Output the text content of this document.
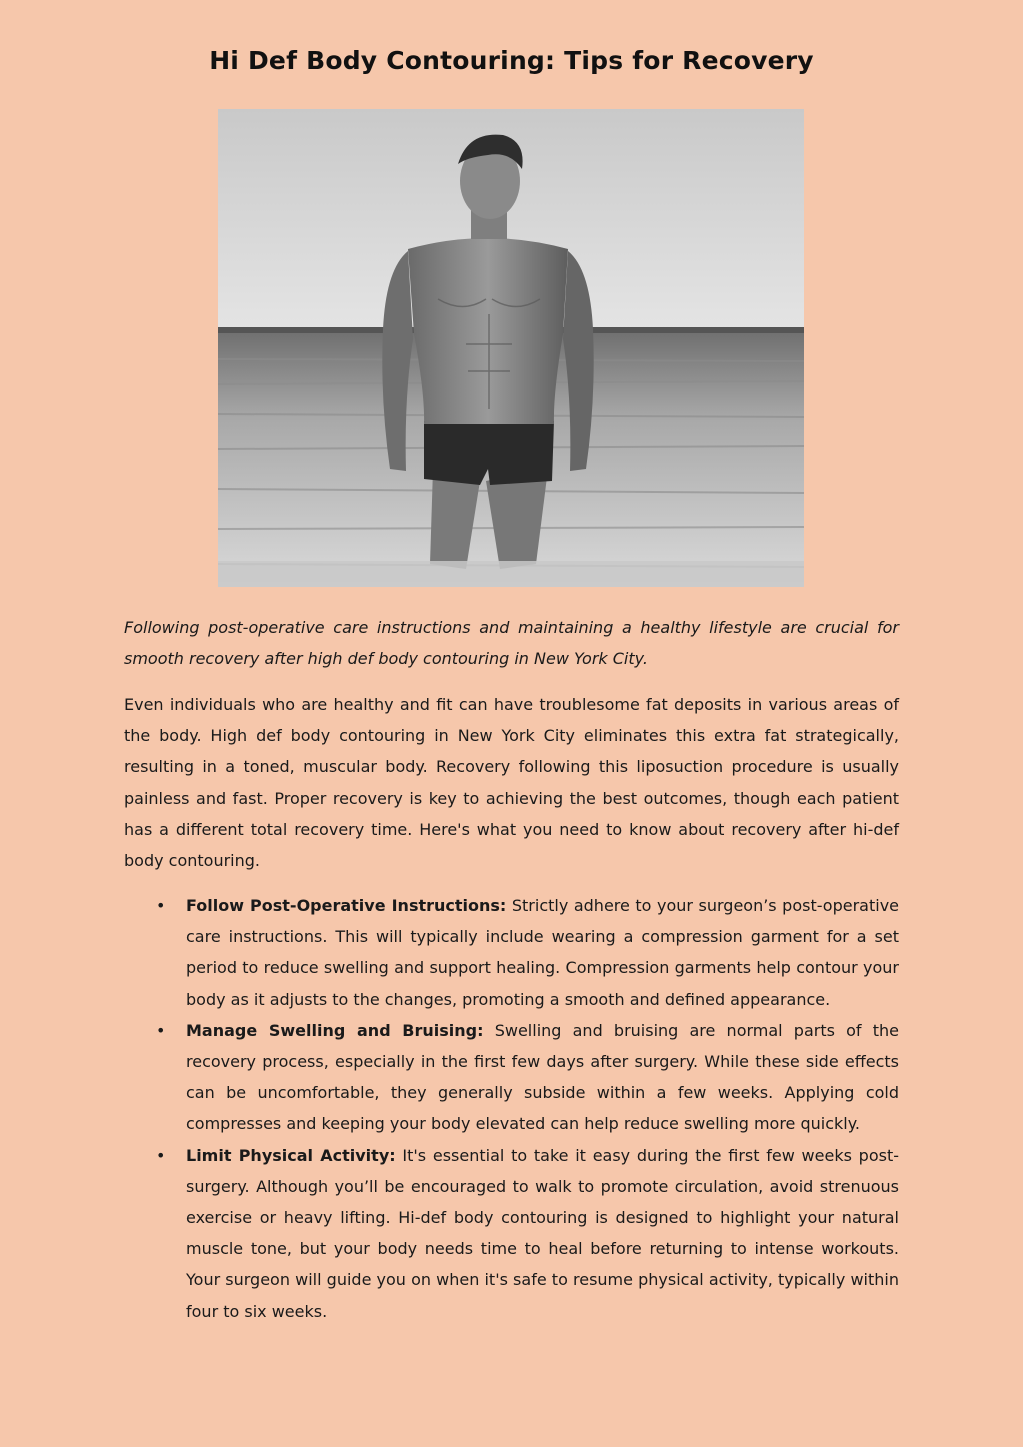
Hi Def Body Contouring: Tips for Recovery

Following post-operative care instructions and maintaining a healthy lifestyle are crucial for smooth recovery after high def body contouring in New York City.

Even individuals who are healthy and fit can have troublesome fat deposits in various areas of the body. High def body contouring in New York City eliminates this extra fat strategically, resulting in a toned, muscular body. Recovery following this liposuction procedure is usually painless and fast. Proper recovery is key to achieving the best outcomes, though each patient has a different total recovery time. Here's what you need to know about recovery after hi-def body contouring.

• Follow Post-Operative Instructions: Strictly adhere to your surgeon’s post-operative care instructions. This will typically include wearing a compression garment for a set period to reduce swelling and support healing. Compression garments help contour your body as it adjusts to the changes, promoting a smooth and defined appearance.
• Manage Swelling and Bruising: Swelling and bruising are normal parts of the recovery process, especially in the first few days after surgery. While these side effects can be uncomfortable, they generally subside within a few weeks. Applying cold compresses and keeping your body elevated can help reduce swelling more quickly.
• Limit Physical Activity: It's essential to take it easy during the first few weeks post-surgery. Although you’ll be encouraged to walk to promote circulation, avoid strenuous exercise or heavy lifting. Hi-def body contouring is designed to highlight your natural muscle tone, but your body needs time to heal before returning to intense workouts. Your surgeon will guide you on when it's safe to resume physical activity, typically within four to six weeks.
